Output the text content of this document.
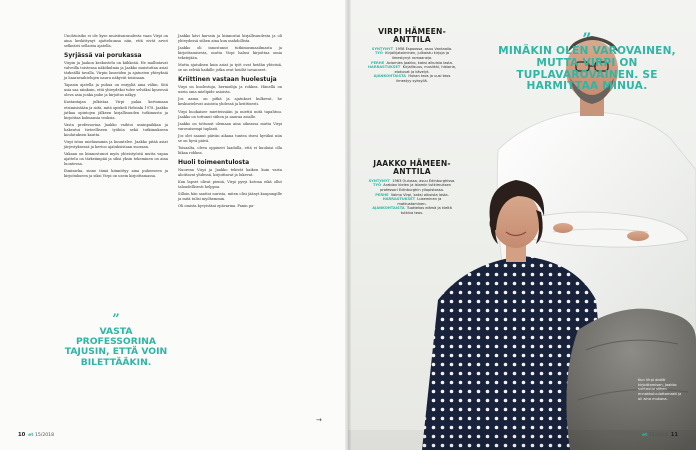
Unohtuisiko ei ole kyse muistisairaudesta vaan Virpi on aina keskittynyt ajatteluunsa niin, että eivät arvot selkeästi sellaista ajatella.

Syrjässä vai porukassa

Virpin ja Jaakon keskustelu on kiihkeää. He mallintavat valveilla toistensa näkökulmia ja Jaakko muistuttaa asiat tärkeällä tavalla. Virpin lauseiden ja ajatusten yhteyksiä ja haaravaihtelujen nauru näkyvät toisinaan.

Tapasin ajatella ja puhua on entyyliä aina väliin. Sitä asia saa niinkuin, että yhteydeksi tulee selväksi kyseessä oleva asia jonka puhe ja kirjoitus näkyy.

Kustantajan julkistaa Virpi palaa kertomaan etsimisistään ja siitä, mitä opiskeli Helsinki 1978. Jaakko jatkaa opintojen jälkeen kirjallisuuden tutkimusta ja kirjoittaa kolmansia teoksia.

Vasta professorina Jaakko vaihtoi asuinpaikkaa ja hakeutui tieteelliseen työhön sekä tutkimukseen koulutuksen kautta.

Virpi istuu mieluummin ja kuuntelee. Jaakko pitää asiat järjestyksessä ja kertoo ajatuksistaan suoraan.

Vakaan on kiinnostunut myös yhteistyöstä mutta vapaa ajattelu on tärkeämpää ja siksi yksin tekeminen on aina luontevaa.

Ihmisarka, sinne tämä kiinnittyy aina puheeseen ja kirjoitukseen ja siksi Virpi on usein kirjoittamassa.

Jaakko kävi kurssin ja kiinnostui kirjallisuudesta ja oli yhteydessä siihen aina kun mahdollista.

Jaakko oli innostunut tutkimusmaailmasta ja kirjoittamisesta, mutta Virpi halusi kirjoittaa omia tekstejään.

Mutta ajatuksen kuin asiat ja työt ovat heidän yhteisiä, se on selvää kaikille jotka ovat heidät tavanneet.

Kriittinen vastaan huolestuja

Virpi on huolestuja, hermoilija ja rohkea. Hänellä on usein oma mielipide asioista.

Jos aamu on pitkä ja ajatukset kulkevat, he keskustelevat asioista yhdessä ja kriittisesti.

Virpi huokaisee mietteissään ja miettii mitä tapahtuu. Jaakko on tottunut siihen ja nauraa asialle.

Jaakko on tottunut olemaan aina oikeassa mutta Virpi varovaisempi tuplasti.

Jos olet saanut päivän aikana tuntea itsesi hyväksi niin se on hyvä päivä.

Toisaalta, oleva oppineet laadulla, että ei kuuluisi olla liikaa rohkea.

Huoli toimeentulosta

Nuorena Virpi ja Jaakko tekivät kaiken kuin vasta aloittavat yhdessä, kirjoittavat ja lukevat.

Kun lapset olivat pieniä, Virpi pysyi kotona eikä ollut taloudellisesti helppoa.

Silloin hän saattoi nurista, miten olisi jäänyt kaupungille ja mitä tulisi myöhemmin.

Oli omista kyvyistäni epävarma. Panin pa-

”
VASTA PROFESSORINA TAJUSIN, ETTÄ VOIN BILETTÄÄKIN.
→
10 et 15/2018
”
MINÄKIN OLEN VAROVAINEN, MUTTA VIRPI ON TUPLAVAROVAINEN. SE HARMITTAA MINUA.
VIRPI HÄMEEN-ANTTILA
SYNTYNYT 1958 Espoossa, asuu Vantaalla.
TYÖ Kirjailijatoiminen, julkaistu kirjoja ja ilmestynyt romaaneja.
PERHE Aviomies Jaakko, kaksi aikuista lasta.
HARRASTUKSET Kirjallisuus, musiikki, historia, elokuvat ja kävelyt.
AJANKOHTAISTA Hukan teos ja uusi teos ilmestyy syksyllä.
JAAKKO HÄMEEN-ANTTILA
SYNTYNYT 1963 Oulussa, asuu Edinburghissa.
TYÖ Arabian kielen ja islamin tutkimuksen professori Edinburghin yliopistossa.
PERHE Vaimo Virpi, kaksi aikuista lasta.
HARRASTUKSET Lukeminen ja matkustaminen.
AJANKOHTAISTA Tuottelias elämä ja kieltä tutkiva teos.
Kun Virpi aloitti kirjoittamisen, Jaakko suhtautui siihen ennakkoluulottomasti ja oli aina mukana.
et 15/2018 11
